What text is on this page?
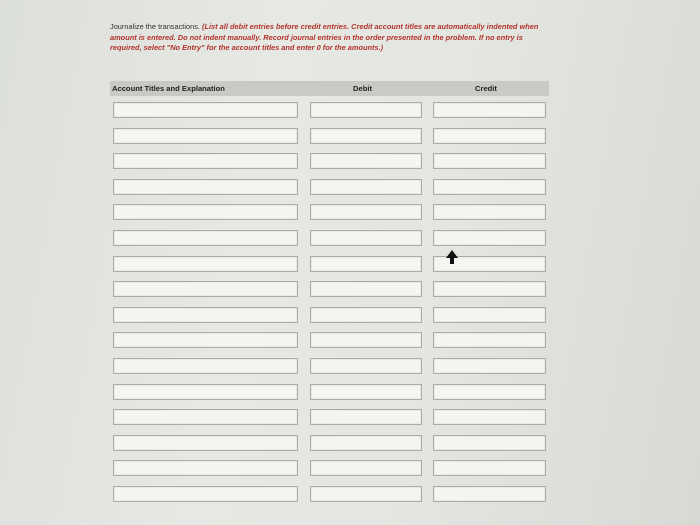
Journalize the transactions. (List all debit entries before credit entries. Credit account titles are automatically indented when amount is entered. Do not indent manually. Record journal entries in the order presented in the problem. If no entry is required, select "No Entry" for the account titles and enter 0 for the amounts.)
Account Titles and Explanation	Debit	Credit
